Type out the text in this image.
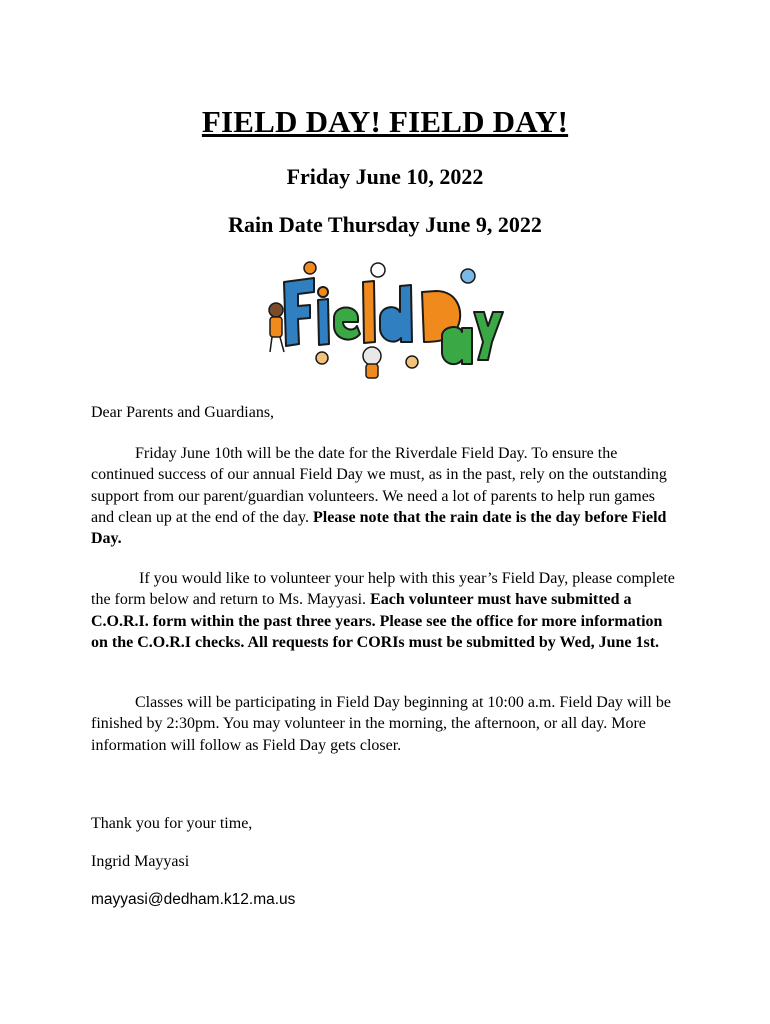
FIELD DAY! FIELD DAY!
Friday June 10, 2022
Rain Date Thursday June 9, 2022
Dear Parents and Guardians,
Friday June 10th will be the date for the Riverdale Field Day. To ensure the continued success of our annual Field Day we must, as in the past, rely on the outstanding support from our parent/guardian volunteers. We need a lot of parents to help run games and clean up at the end of the day. Please note that the rain date is the day before Field Day.
If you would like to volunteer your help with this year’s Field Day, please complete the form below and return to Ms. Mayyasi. Each volunteer must have submitted a C.O.R.I. form within the past three years. Please see the office for more information on the C.O.R.I checks. All requests for CORIs must be submitted by Wed, June 1st.
Classes will be participating in Field Day beginning at 10:00 a.m. Field Day will be finished by 2:30pm. You may volunteer in the morning, the afternoon, or all day. More information will follow as Field Day gets closer.
Thank you for your time,
Ingrid Mayyasi
mayyasi@dedham.k12.ma.us
